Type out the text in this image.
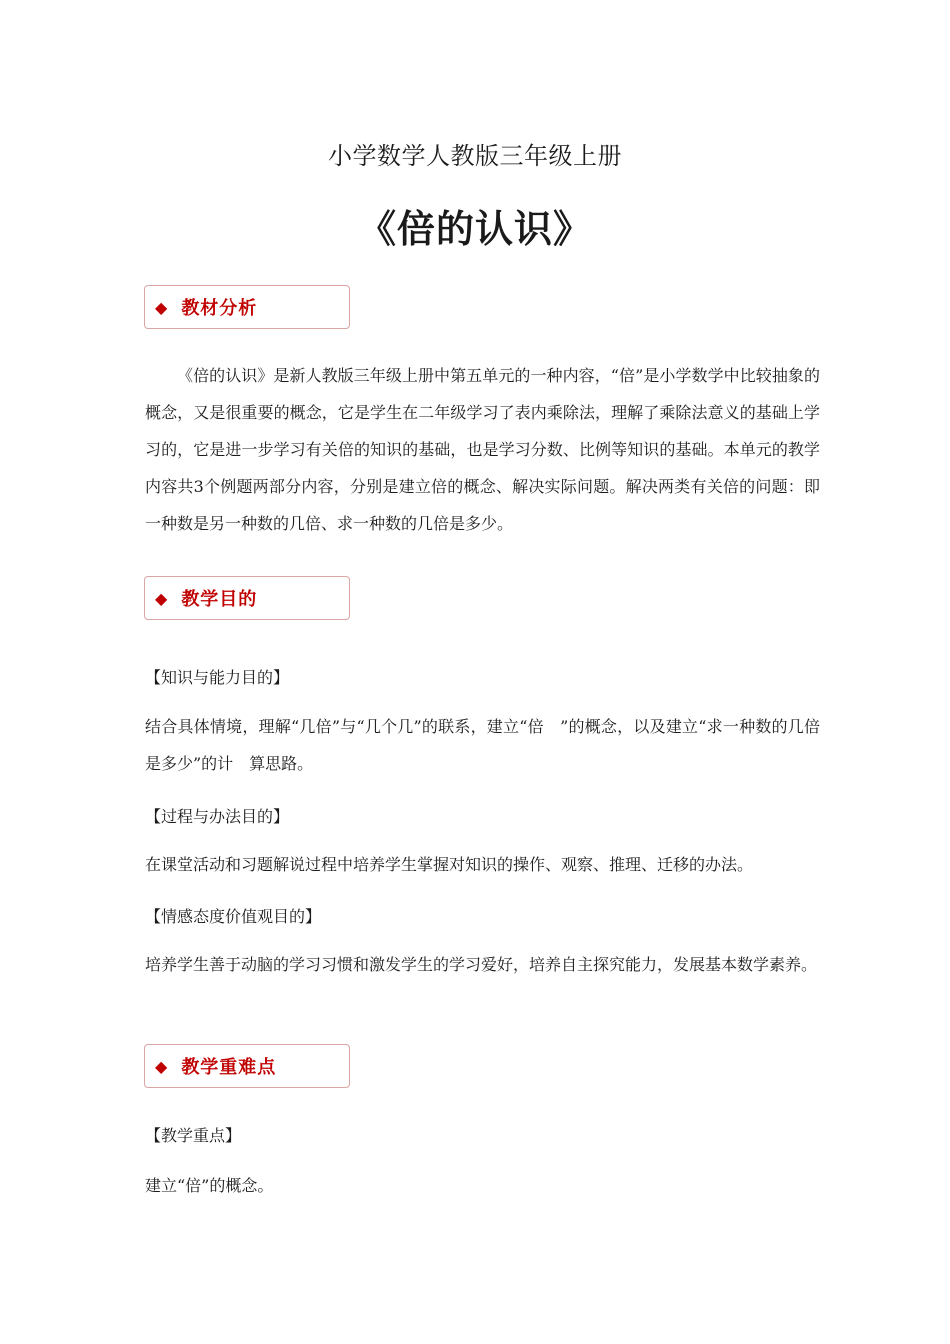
小学数学人教版三年级上册
《倍的认识》
◆ 教材分析
《倍的认识》是新人教版三年级上册中第五单元的一种内容，“倍”是小学数学中比较抽象的概念，又是很重要的概念，它是学生在二年级学习了表内乘除法，理解了乘除法意义的基础上学习的，它是进一步学习有关倍的知识的基础，也是学习分数、比例等知识的基础。本单元的教学内容共3个例题两部分内容，分别是建立倍的概念、解决实际问题。解决两类有关倍的问题：即一种数是另一种数的几倍、求一种数的几倍是多少。
◆ 教学目的
【知识与能力目的】
结合具体情境，理解“几倍”与“几个几”的联系，建立“倍　”的概念，以及建立“求一种数的几倍是多少”的计　算思路。
【过程与办法目的】
在课堂活动和习题解说过程中培养学生掌握对知识的操作、观察、推理、迁移的办法。
【情感态度价值观目的】
培养学生善于动脑的学习习惯和激发学生的学习爱好，培养自主探究能力，发展基本数学素养。
◆ 教学重难点
【教学重点】
建立“倍”的概念。
